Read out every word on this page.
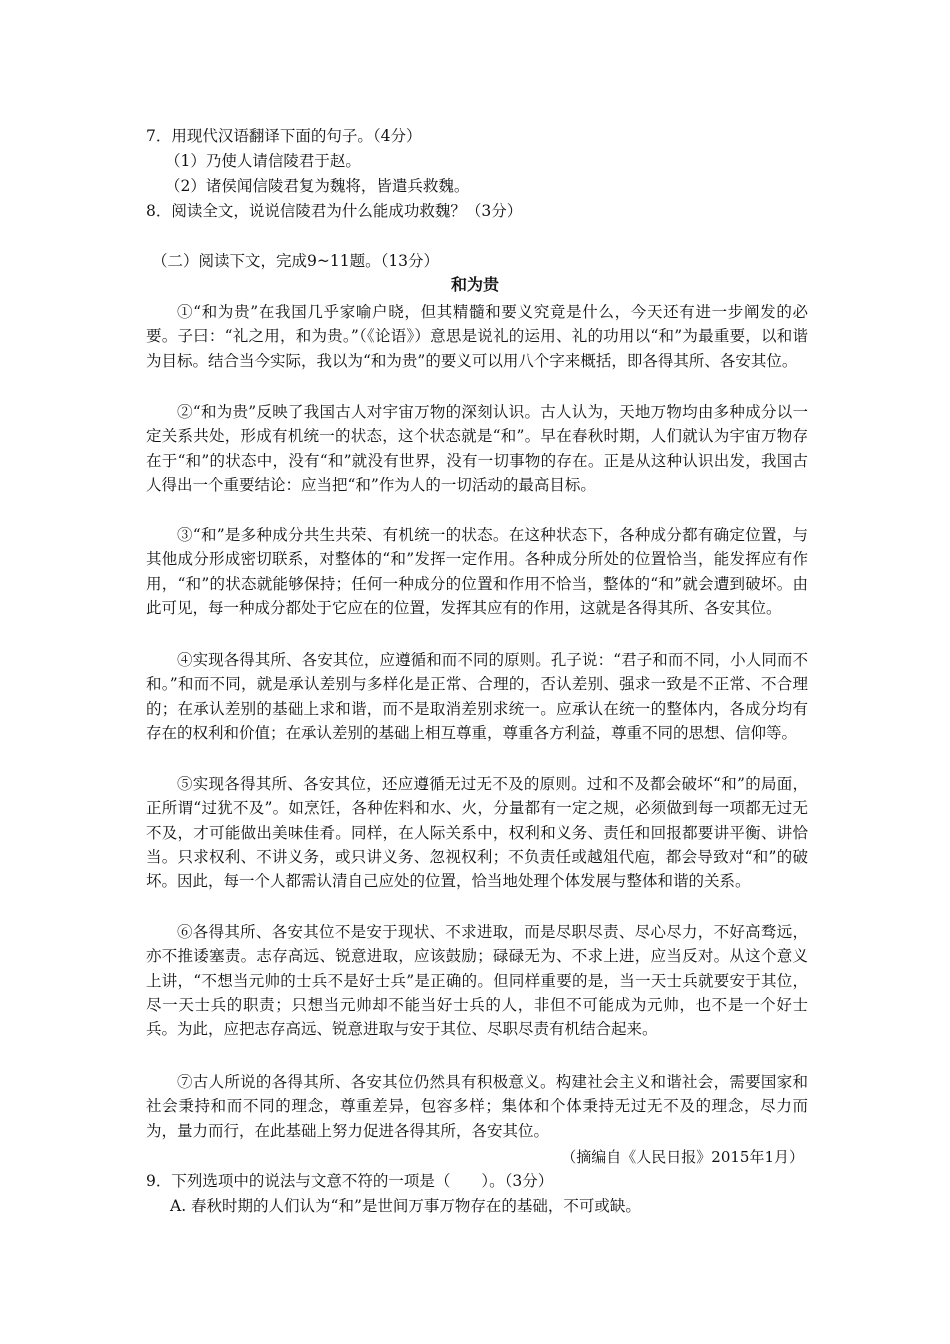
7．用现代汉语翻译下面的句子。（4分）
（1）乃使人请信陵君于赵。
（2）诸侯闻信陵君复为魏将，皆遣兵救魏。
8．阅读全文，说说信陵君为什么能成功救魏？（3分）
（二）阅读下文，完成9~11题。（13分）
和为贵

①“和为贵”在我国几乎家喻户晓，但其精髓和要义究竟是什么，今天还有进一步阐发的必要。子曰：“礼之用，和为贵。”（《论语》）意思是说礼的运用、礼的功用以“和”为最重要，以和谐为目标。结合当今实际，我以为“和为贵”的要义可以用八个字来概括，即各得其所、各安其位。

②“和为贵”反映了我国古人对宇宙万物的深刻认识。古人认为，天地万物均由多种成分以一定关系共处，形成有机统一的状态，这个状态就是“和”。早在春秋时期，人们就认为宇宙万物存在于“和”的状态中，没有“和”就没有世界，没有一切事物的存在。正是从这种认识出发，我国古人得出一个重要结论：应当把“和”作为人的一切活动的最高目标。

③“和”是多种成分共生共荣、有机统一的状态。在这种状态下，各种成分都有确定位置，与其他成分形成密切联系，对整体的“和”发挥一定作用。各种成分所处的位置恰当，能发挥应有作用，“和”的状态就能够保持；任何一种成分的位置和作用不恰当，整体的“和”就会遭到破坏。由此可见，每一种成分都处于它应在的位置，发挥其应有的作用，这就是各得其所、各安其位。

④实现各得其所、各安其位，应遵循和而不同的原则。孔子说：“君子和而不同，小人同而不和。”和而不同，就是承认差别与多样化是正常、合理的，否认差别、强求一致是不正常、不合理的；在承认差别的基础上求和谐，而不是取消差别求统一。应承认在统一的整体内，各成分均有存在的权利和价值；在承认差别的基础上相互尊重，尊重各方利益，尊重不同的思想、信仰等。

⑤实现各得其所、各安其位，还应遵循无过无不及的原则。过和不及都会破坏“和”的局面，正所谓“过犹不及”。如烹饪，各种佐料和水、火，分量都有一定之规，必须做到每一项都无过无不及，才可能做出美味佳肴。同样，在人际关系中，权利和义务、责任和回报都要讲平衡、讲恰当。只求权利、不讲义务，或只讲义务、忽视权利；不负责任或越俎代庖，都会导致对“和”的破坏。因此，每一个人都需认清自己应处的位置，恰当地处理个体发展与整体和谐的关系。

⑥各得其所、各安其位不是安于现状、不求进取，而是尽职尽责、尽心尽力，不好高骛远，亦不推诿塞责。志存高远、锐意进取，应该鼓励；碌碌无为、不求上进，应当反对。从这个意义上讲，“不想当元帅的士兵不是好士兵”是正确的。但同样重要的是，当一天士兵就要安于其位，尽一天士兵的职责；只想当元帅却不能当好士兵的人，非但不可能成为元帅，也不是一个好士兵。为此，应把志存高远、锐意进取与安于其位、尽职尽责有机结合起来。

⑦古人所说的各得其所、各安其位仍然具有积极意义。构建社会主义和谐社会，需要国家和社会秉持和而不同的理念，尊重差异，包容多样；集体和个体秉持无过无不及的理念，尽力而为，量力而行，在此基础上努力促进各得其所，各安其位。

（摘编自《人民日报》2015年1月）
9．下列选项中的说法与文意不符的一项是（　　）。（3分）
A. 春秋时期的人们认为“和”是世间万事万物存在的基础，不可或缺。
